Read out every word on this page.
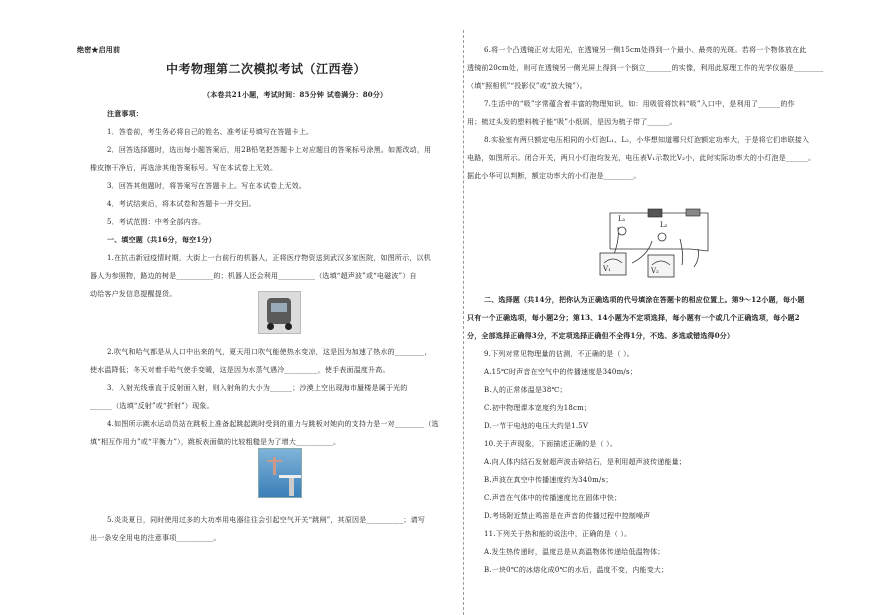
绝密★启用前
中考物理第二次模拟考试（江西卷）
（本卷共21小题，考试时间：85分钟 试卷满分：80分）
注意事项：
1．答卷前，考生务必将自己的姓名、准考证号填写在答题卡上。
2．回答选择题时，选出每小题答案后，用2B铅笔把答题卡上对应题目的答案标号涂黑。如需改动，用
橡皮擦干净后，再选涂其他答案标号。写在本试卷上无效。
3．回答其他题时，将答案写在答题卡上。写在本试卷上无效。
4．考试结束后，将本试卷和答题卡一并交回。
5．考试范围：中考全部内容。
一、填空题（共16分，每空1分）
1.在抗击新冠疫情时期，大街上一台前行的机器人，正将医疗物资送到武汉多家医院，如图所示，以机
器人为参照物，路边的树是__________的；机器人还会利用__________（选填“超声波”或“电磁波”）自
动给客户发信息提醒提货。
2.吹气和哈气都是从人口中出来的气，夏天用口吹气能使热水变凉，这是因为加速了热水的________，
使水温降低；冬天对着手哈气使手变暖，这是因为水蒸气遇冷_________，使手表面温度升高。
3．入射光线垂直于反射面入射，则入射角的大小为______；沙漠上空出现海市蜃楼是属于光的
______（选填“反射”或“折射”）现象。
4.如图所示跳水运动员站在跳板上准备起跳起跳时受到的重力与跳板对她向的支持力是一对________（选
填“相互作用力”或“平衡力”），跳板表面做的比较粗糙是为了增大__________。
5.炎炎夏日，同时使用过多的大功率用电器往往会引起空气开关“跳闸”，其原因是__________；请写
出一条安全用电的注意事项__________。
6.将一个凸透镜正对太阳光，在透镜另一侧15cm处得到一个最小、最亮的光斑。若将一个物体放在此
透镜前20cm处，则可在透镜另一侧光屏上得到一个倒立_______的实像，利用此原理工作的光学仪器是________
（填“照相机”“投影仪”或“放大镜”）。
7.生活中的“吸”字常蕴含着丰富的物理知识，如：用吸管将饮料“吸”入口中，是利用了______的作
用；梳过头发的塑料梳子能“吸”小纸屑，是因为梳子带了______。
8.实验室有两只额定电压相同的小灯泡L₁、L₂，小华想知道哪只灯泡额定功率大，于是将它们串联接入
电路，如图所示。闭合开关，两只小灯泡均发光，电压表V₁示数比V₂小，此时实际功率大的小灯泡是______。
据此小华可以判断，额定功率大的小灯泡是________。
L₁
L₂
V₁	V₂
二、选择题（共14分，把你认为正确选项的代号填涂在答题卡的相应位置上。第9～12小题，每小题
只有一个正确选项，每小题2分；第13、14小题为不定项选择，每小题有一个或几个正确选项，每小题2
分，全部选择正确得3分，不定项选择正确但不全得1分，不选、多选或错选得0分）
9.下列对常见物理量的估测，不正确的是（ ）。
A.15℃时声音在空气中的传播速度是340m/s；
B.人的正常体温是38℃；
C.初中物理课本宽度约为18cm；
D.一节干电池的电压大约是1.5V
10.关于声现象，下面描述正确的是（ ）。
A.向人体内结石发射超声波击碎结石，是利用超声波传递能量；
B.声波在真空中传播速度约为340m/s；
C.声音在气体中的传播速度比在固体中快；
D.考场附近禁止鸣笛是在声音的传播过程中控制噪声
11.下列关于热和能的说法中，正确的是（ ）。
A.发生热传递时，温度总是从高温物体传递给低温物体；
B.一块0℃的冰熔化成0℃的水后，温度不变，内能变大；
